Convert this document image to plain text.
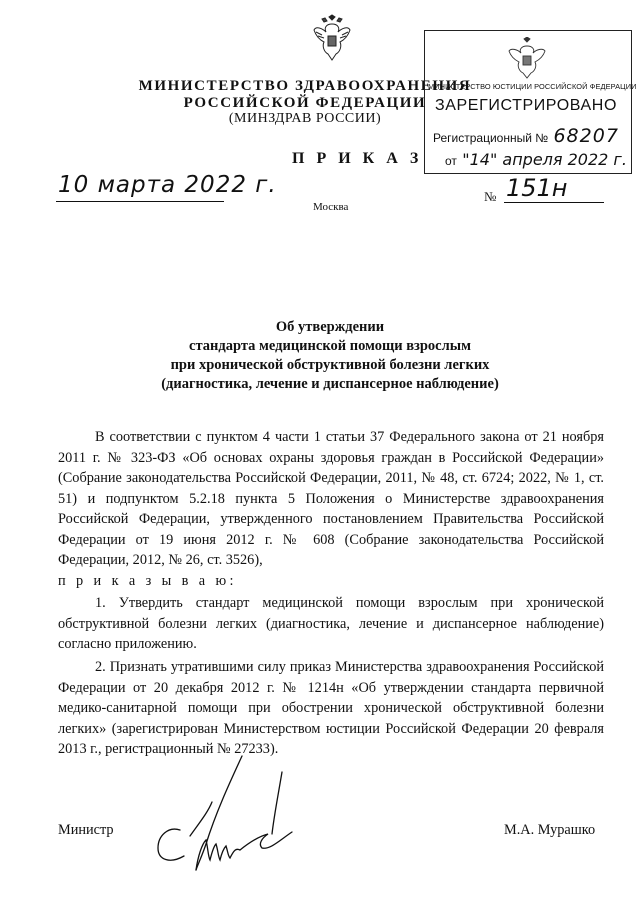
МИНИСТЕРСТВО ЗДРАВООХРАНЕНИЯ
РОССИЙСКОЙ ФЕДЕРАЦИИ
(МИНЗДРАВ РОССИИ)
МИНИСТЕРСТВО ЮСТИЦИИ РОССИЙСКОЙ ФЕДЕРАЦИИ
ЗАРЕГИСТРИРОВАНО
Регистрационный № 68207
от "14" апреля 2022 г.
П Р И К А З
10 марта 2022 г.
Москва
№ 151н
Об утверждении
стандарта медицинской помощи взрослым
при хронической обструктивной болезни легких
(диагностика, лечение и диспансерное наблюдение)

В соответствии с пунктом 4 части 1 статьи 37 Федерального закона от 21 ноября 2011 г. № 323-ФЗ «Об основах охраны здоровья граждан в Российской Федерации» (Собрание законодательства Российской Федерации, 2011, № 48, ст. 6724; 2022, № 1, ст. 51) и подпунктом 5.2.18 пункта 5 Положения о Министерстве здравоохранения Российской Федерации, утвержденного постановлением Правительства Российской Федерации от 19 июня 2012 г. № 608 (Собрание законодательства Российской Федерации, 2012, № 26, ст. 3526),

п р и к а з ы в а ю:

1. Утвердить стандарт медицинской помощи взрослым при хронической обструктивной болезни легких (диагностика, лечение и диспансерное наблюдение) согласно приложению.

2. Признать утратившими силу приказ Министерства здравоохранения Российской Федерации от 20 декабря 2012 г. № 1214н «Об утверждении стандарта первичной медико-санитарной помощи при обострении хронической обструктивной болезни легких» (зарегистрирован Министерством юстиции Российской Федерации 20 февраля 2013 г., регистрационный № 27233).

Министр	М.А. Мурашко
